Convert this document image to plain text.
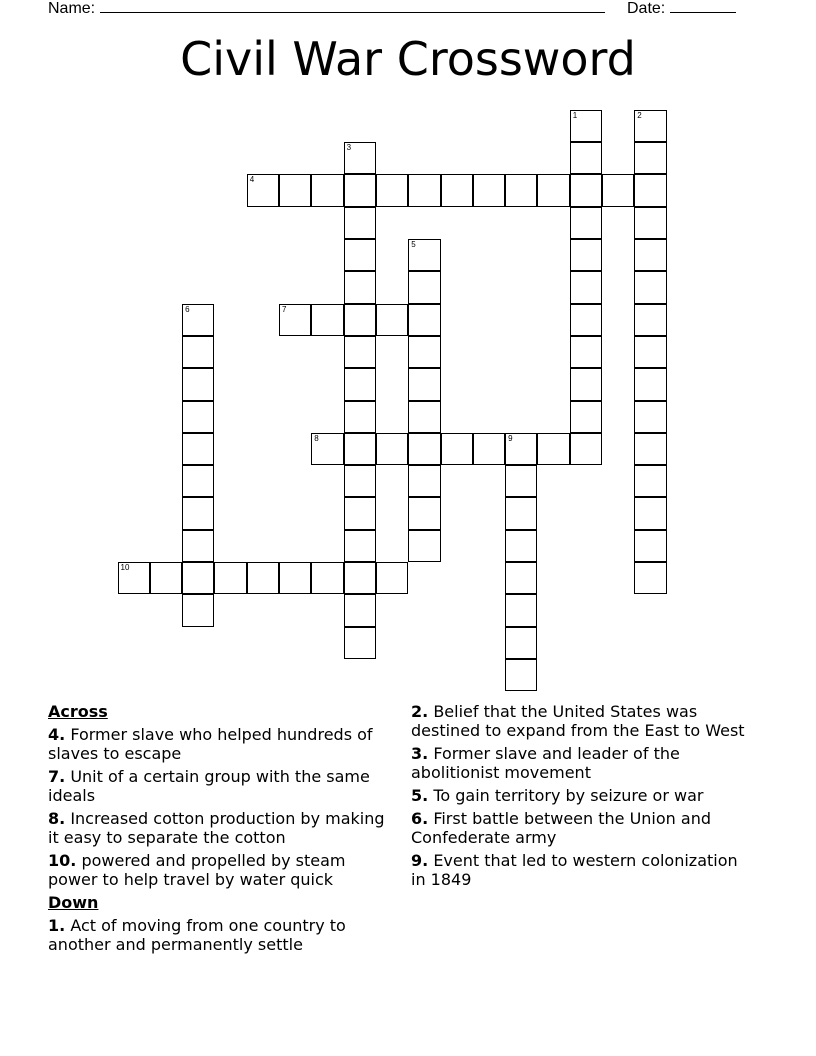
Name:	Date:
Civil War Crossword
1	2
3
4
5
6	7
8	9
10
Across
4. Former slave who helped hundreds of slaves to escape
7. Unit of a certain group with the same ideals
8. Increased cotton production by making it easy to separate the cotton
10. powered and propelled by steam power to help travel by water quick
Down
1. Act of moving from one country to another and permanently settle
2. Belief that the United States was destined to expand from the East to West
3. Former slave and leader of the abolitionist movement
5. To gain territory by seizure or war
6. First battle between the Union and Confederate army
9. Event that led to western colonization in 1849
